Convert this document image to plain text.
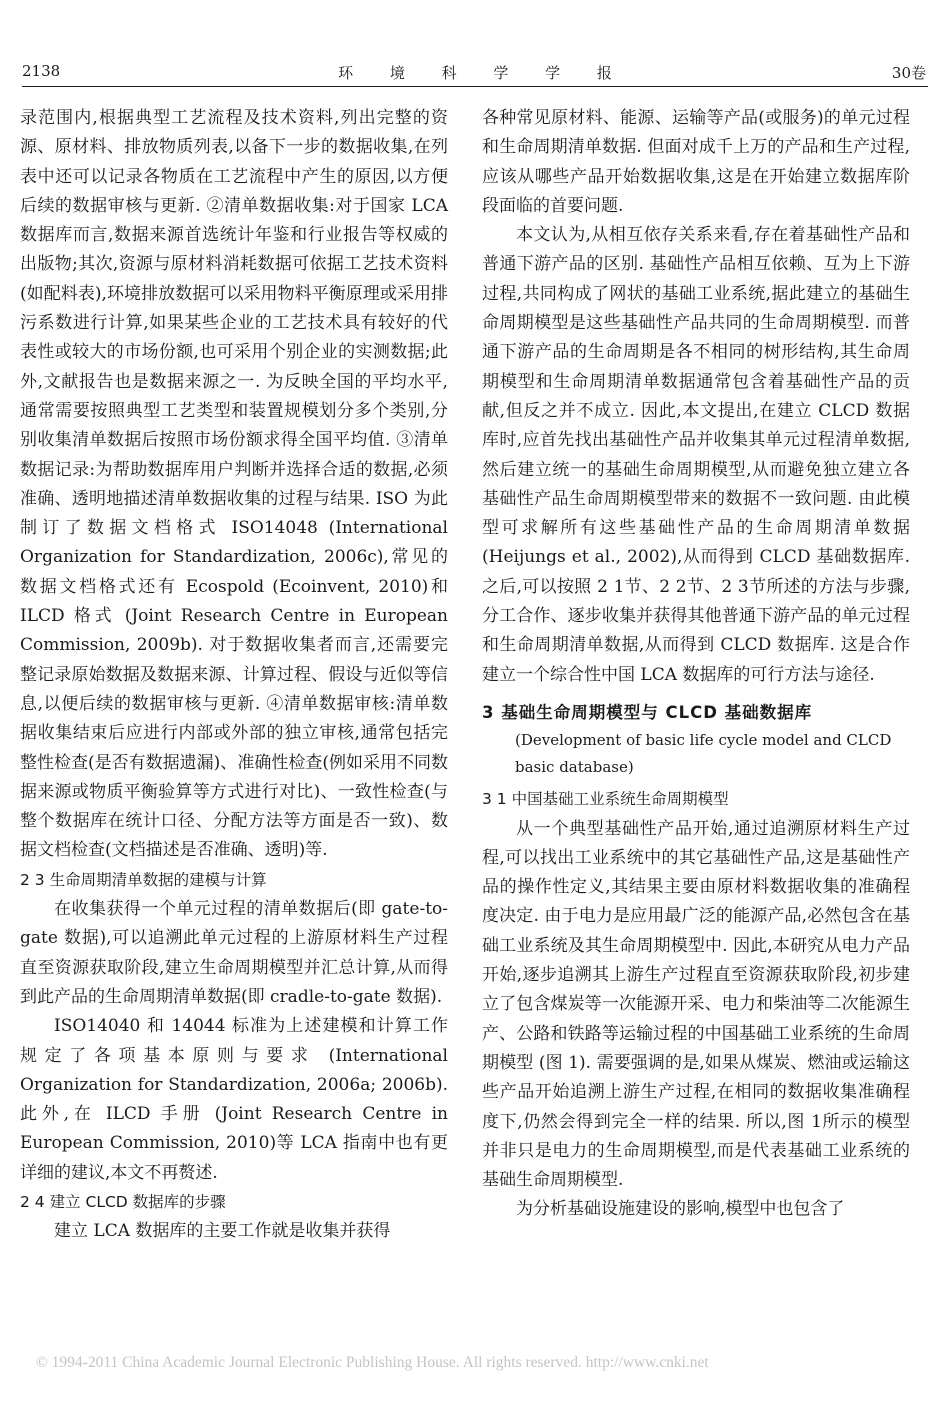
2138	环 境 科 学 学 报	30卷

录范围内,根据典型工艺流程及技术资料,列出完整的资源、原材料、排放物质列表,以备下一步的数据收集,在列表中还可以记录各物质在工艺流程中产生的原因,以方便后续的数据审核与更新. ②清单数据收集:对于国家 LCA 数据库而言,数据来源首选统计年鉴和行业报告等权威的出版物;其次,资源与原材料消耗数据可依据工艺技术资料(如配料表),环境排放数据可以采用物料平衡原理或采用排污系数进行计算,如果某些企业的工艺技术具有较好的代表性或较大的市场份额,也可采用个别企业的实测数据;此外,文献报告也是数据来源之一. 为反映全国的平均水平,通常需要按照典型工艺类型和装置规模划分多个类别,分别收集清单数据后按照市场份额求得全国平均值. ③清单数据记录:为帮助数据库用户判断并选择合适的数据,必须准确、透明地描述清单数据收集的过程与结果. ISO 为此制订了数据文档格式 ISO14048 (International Organization for Standardization, 2006c),常见的数据文档格式还有 Ecospold (Ecoinvent, 2010)和 ILCD 格式 (Joint Research Centre in European Commission, 2009b). 对于数据收集者而言,还需要完整记录原始数据及数据来源、计算过程、假设与近似等信息,以便后续的数据审核与更新. ④清单数据审核:清单数据收集结束后应进行内部或外部的独立审核,通常包括完整性检查(是否有数据遗漏)、准确性检查(例如采用不同数据来源或物质平衡验算等方式进行对比)、一致性检查(与整个数据库在统计口径、分配方法等方面是否一致)、数据文档检查(文档描述是否准确、透明)等.

2 3 生命周期清单数据的建模与计算

在收集获得一个单元过程的清单数据后(即 gate-to-gate 数据),可以追溯此单元过程的上游原材料生产过程直至资源获取阶段,建立生命周期模型并汇总计算,从而得到此产品的生命周期清单数据(即 cradle-to-gate 数据).

ISO14040 和 14044 标准为上述建模和计算工作规定了各项基本原则与要求 (International Organization for Standardization, 2006a; 2006b). 此外,在 ILCD 手册 (Joint Research Centre in European Commission, 2010)等 LCA 指南中也有更详细的建议,本文不再赘述.

2 4 建立 CLCD 数据库的步骤

建立 LCA 数据库的主要工作就是收集并获得

各种常见原材料、能源、运输等产品(或服务)的单元过程和生命周期清单数据. 但面对成千上万的产品和生产过程,应该从哪些产品开始数据收集,这是在开始建立数据库阶段面临的首要问题.

本文认为,从相互依存关系来看,存在着基础性产品和普通下游产品的区别. 基础性产品相互依赖、互为上下游过程,共同构成了网状的基础工业系统,据此建立的基础生命周期模型是这些基础性产品共同的生命周期模型. 而普通下游产品的生命周期是各不相同的树形结构,其生命周期模型和生命周期清单数据通常包含着基础性产品的贡献,但反之并不成立. 因此,本文提出,在建立 CLCD 数据库时,应首先找出基础性产品并收集其单元过程清单数据,然后建立统一的基础生命周期模型,从而避免独立建立各基础性产品生命周期模型带来的数据不一致问题. 由此模型可求解所有这些基础性产品的生命周期清单数据 (Heijungs et al., 2002),从而得到 CLCD 基础数据库. 之后,可以按照 2 1节、2 2节、2 3节所述的方法与步骤,分工合作、逐步收集并获得其他普通下游产品的单元过程和生命周期清单数据,从而得到 CLCD 数据库. 这是合作建立一个综合性中国 LCA 数据库的可行方法与途径.

3 基础生命周期模型与 CLCD 基础数据库

(Development of basic life cycle model and CLCD basic database)

3 1 中国基础工业系统生命周期模型

从一个典型基础性产品开始,通过追溯原材料生产过程,可以找出工业系统中的其它基础性产品,这是基础性产品的操作性定义,其结果主要由原材料数据收集的准确程度决定. 由于电力是应用最广泛的能源产品,必然包含在基础工业系统及其生命周期模型中. 因此,本研究从电力产品开始,逐步追溯其上游生产过程直至资源获取阶段,初步建立了包含煤炭等一次能源开采、电力和柴油等二次能源生产、公路和铁路等运输过程的中国基础工业系统的生命周期模型 (图 1). 需要强调的是,如果从煤炭、燃油或运输这些产品开始追溯上游生产过程,在相同的数据收集准确程度下,仍然会得到完全一样的结果. 所以,图 1所示的模型并非只是电力的生命周期模型,而是代表基础工业系统的基础生命周期模型.

为分析基础设施建设的影响,模型中也包含了

© 1994-2011 China Academic Journal Electronic Publishing House. All rights reserved. http://www.cnki.net
